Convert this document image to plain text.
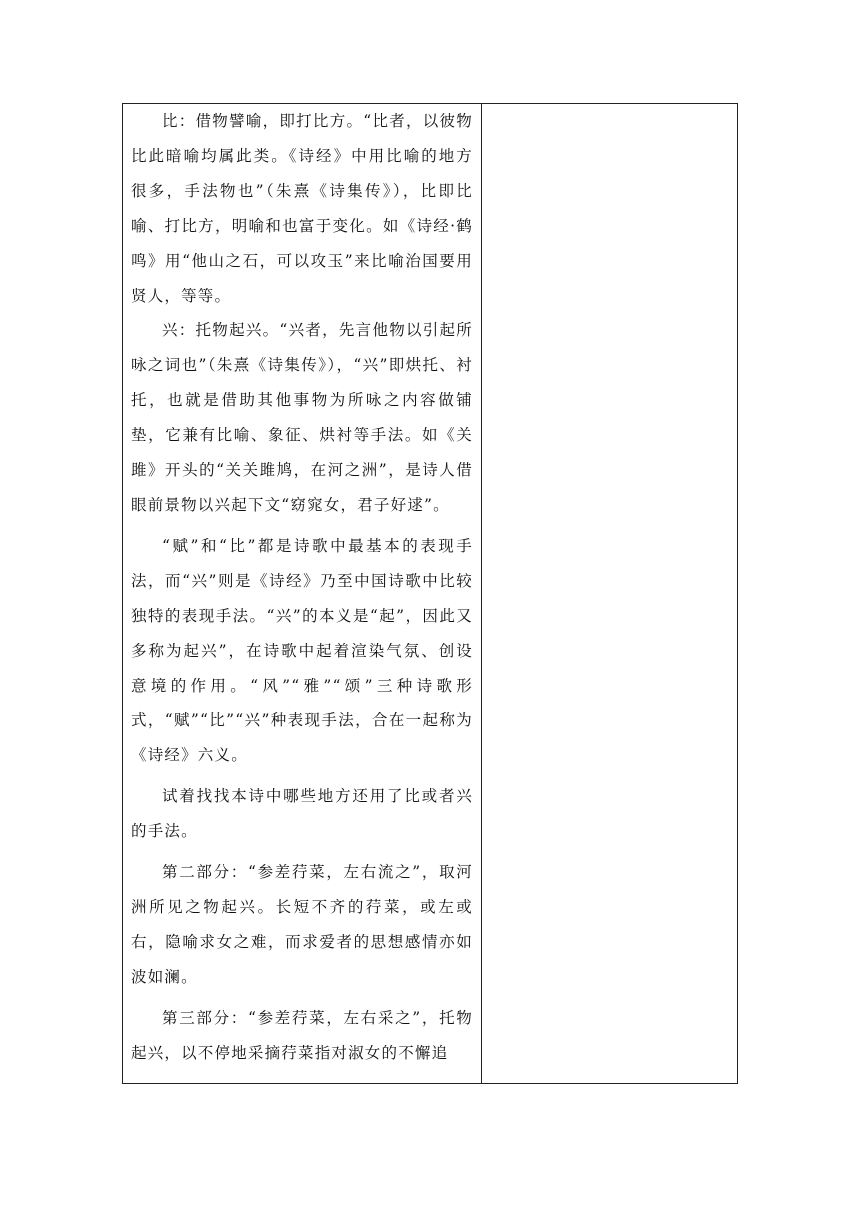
比：借物譬喻，即打比方。“比者，以彼物比此暗喻均属此类。《诗经》中用比喻的地方很多，手法物也”（朱熹《诗集传》），比即比喻、打比方，明喻和也富于变化。如《诗经·鹤鸣》用“他山之石，可以攻玉”来比喻治国要用贤人，等等。

兴：托物起兴。“兴者，先言他物以引起所咏之词也”（朱熹《诗集传》），“兴”即烘托、衬托，也就是借助其他事物为所咏之内容做铺垫，它兼有比喻、象征、烘衬等手法。如《关雎》开头的“关关雎鸠，在河之洲”，是诗人借眼前景物以兴起下文“窈窕女，君子好逑”。

“赋”和“比”都是诗歌中最基本的表现手法，而“兴”则是《诗经》乃至中国诗歌中比较独特的表现手法。“兴”的本义是“起”，因此又多称为起兴”，在诗歌中起着渲染气氛、创设意境的作用。“风”“雅”“颂”三种诗歌形式，“赋”“比”“兴”种表现手法，合在一起称为《诗经》六义。

试着找找本诗中哪些地方还用了比或者兴的手法。

第二部分：“参差荇菜，左右流之”，取河洲所见之物起兴。长短不齐的荇菜，或左或右，隐喻求女之难，而求爱者的思想感情亦如波如澜。

第三部分：“参差荇菜，左右采之”，托物起兴，以不停地采摘荇菜指对淑女的不懈追
